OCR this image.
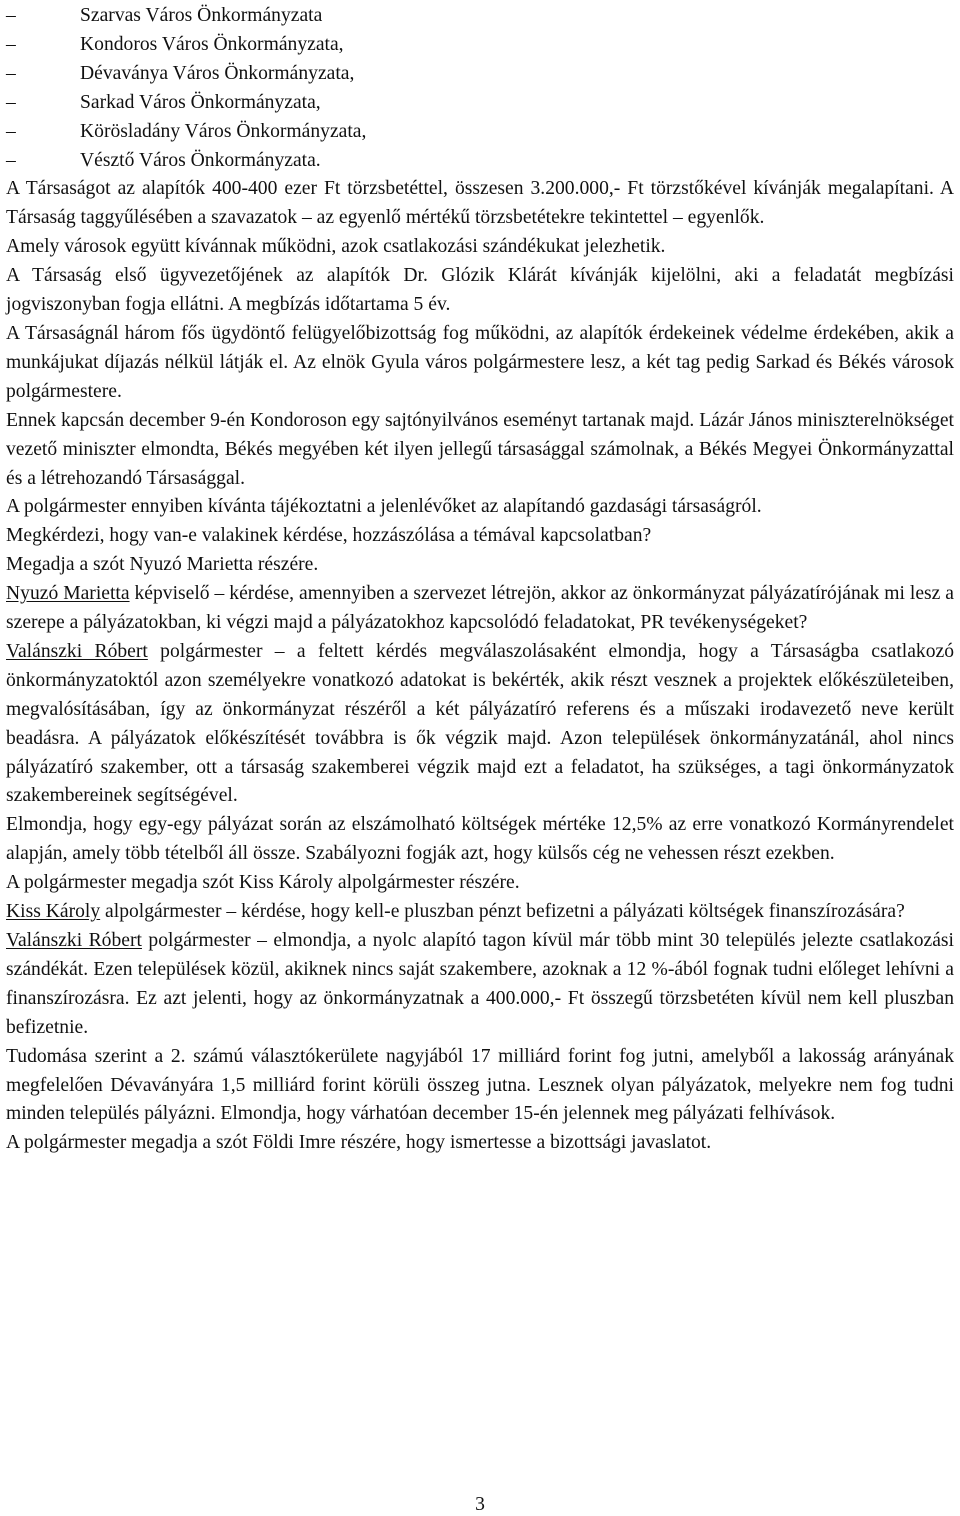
–	Szarvas Város Önkormányzata
–	Kondoros Város Önkormányzata,
–	Dévaványa Város Önkormányzata,
–	Sarkad Város Önkormányzata,
–	Körösladány Város Önkormányzata,
–	Vésztő Város Önkormányzata.

A Társaságot az alapítók 400-400 ezer Ft törzsbetéttel, összesen 3.200.000,- Ft törzstőkével kívánják megalapítani. A Társaság taggyűlésében a szavazatok – az egyenlő mértékű törzsbetétekre tekintettel – egyenlők.

Amely városok együtt kívánnak működni, azok csatlakozási szándékukat jelezhetik.

A Társaság első ügyvezetőjének az alapítók Dr. Glózik Klárát kívánják kijelölni, aki a feladatát megbízási jogviszonyban fogja ellátni. A megbízás időtartama 5 év.

A Társaságnál három fős ügydöntő felügyelőbizottság fog működni, az alapítók érdekeinek védelme érdekében, akik a munkájukat díjazás nélkül látják el. Az elnök Gyula város polgármestere lesz, a két tag pedig Sarkad és Békés városok polgármestere.

Ennek kapcsán december 9-én Kondoroson egy sajtónyilvános eseményt tartanak majd. Lázár János miniszterelnökséget vezető miniszter elmondta, Békés megyében két ilyen jellegű társasággal számolnak, a Békés Megyei Önkormányzattal és a létrehozandó Társasággal.

A polgármester ennyiben kívánta tájékoztatni a jelenlévőket az alapítandó gazdasági társaságról.

Megkérdezi, hogy van-e valakinek kérdése, hozzászólása a témával kapcsolatban?

Megadja a szót Nyuzó Marietta részére.

Nyuzó Marietta képviselő – kérdése, amennyiben a szervezet létrejön, akkor az önkormányzat pályázatírójának mi lesz a szerepe a pályázatokban, ki végzi majd a pályázatokhoz kapcsolódó feladatokat, PR tevékenységeket?

Valánszki Róbert polgármester – a feltett kérdés megválaszolásaként elmondja, hogy a Társaságba csatlakozó önkormányzatoktól azon személyekre vonatkozó adatokat is bekérték, akik részt vesznek a projektek előkészületeiben, megvalósításában, így az önkormányzat részéről a két pályázatíró referens és a műszaki irodavezető neve került beadásra. A pályázatok előkészítését továbbra is ők végzik majd. Azon települések önkormányzatánál, ahol nincs pályázatíró szakember, ott a társaság szakemberei végzik majd ezt a feladatot, ha szükséges, a tagi önkormányzatok szakembereinek segítségével.

Elmondja, hogy egy-egy pályázat során az elszámolható költségek mértéke 12,5% az erre vonatkozó Kormányrendelet alapján, amely több tételből áll össze. Szabályozni fogják azt, hogy külsős cég ne vehessen részt ezekben.

A polgármester megadja szót Kiss Károly alpolgármester részére.

Kiss Károly alpolgármester – kérdése, hogy kell-e pluszban pénzt befizetni a pályázati költségek finanszírozására?

Valánszki Róbert polgármester – elmondja, a nyolc alapító tagon kívül már több mint 30 település jelezte csatlakozási szándékát. Ezen települések közül, akiknek nincs saját szakembere, azoknak a 12 %-ából fognak tudni előleget lehívni a finanszírozásra. Ez azt jelenti, hogy az önkormányzatnak a 400.000,- Ft összegű törzsbetéten kívül nem kell pluszban befizetnie.

Tudomása szerint a 2. számú választókerülete nagyjából 17 milliárd forint fog jutni, amelyből a lakosság arányának megfelelően Dévaványára 1,5 milliárd forint körüli összeg jutna. Lesznek olyan pályázatok, melyekre nem fog tudni minden település pályázni. Elmondja, hogy várhatóan december 15-én jelennek meg pályázati felhívások.

A polgármester megadja a szót Földi Imre részére, hogy ismertesse a bizottsági javaslatot.

3
